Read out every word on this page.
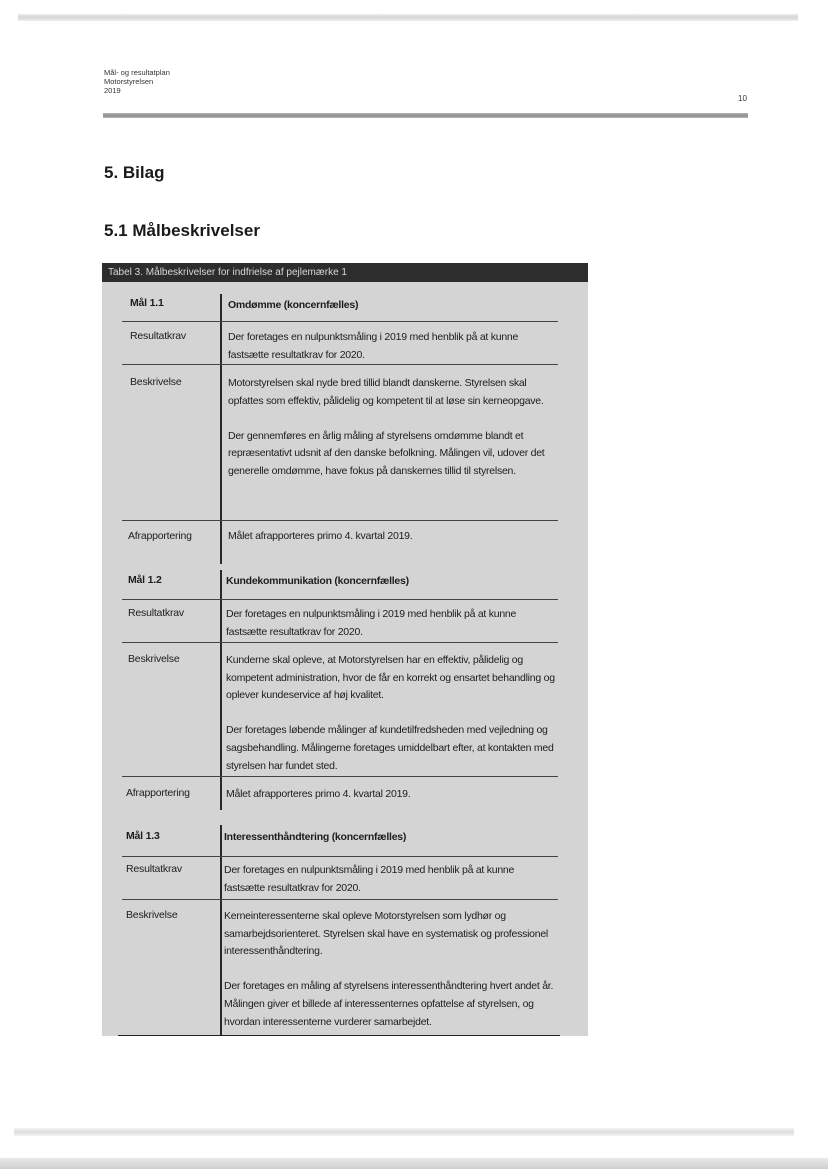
Mål- og resultatplan
Motorstyrelsen
2019
10
5. Bilag
5.1 Målbeskrivelser
Tabel 3. Målbeskrivelser for indfrielse af pejlemærke 1
Mål 1.1	Omdømme (koncernfælles)
Resultatkrav	Der foretages en nulpunktsmåling i 2019 med henblik på at kunne fastsætte resultatkrav for 2020.

Beskrivelse	Motorstyrelsen skal nyde bred tillid blandt danskerne. Styrelsen skal opfattes som effektiv, pålidelig og kompetent til at løse sin kerneopgave.

Der gennemføres en årlig måling af styrelsens omdømme blandt et repræsentativt udsnit af den danske befolkning. Målingen vil, udover det generelle omdømme, have fokus på danskernes tillid til styrelsen.

Afrapportering	Målet afrapporteres primo 4. kvartal 2019.

Mål 1.2	Kundekommunikation (koncernfælles)
Resultatkrav	Der foretages en nulpunktsmåling i 2019 med henblik på at kunne fastsætte resultatkrav for 2020.

Beskrivelse	Kunderne skal opleve, at Motorstyrelsen har en effektiv, pålidelig og kompetent administration, hvor de får en korrekt og ensartet behandling og oplever kundeservice af høj kvalitet.

Der foretages løbende målinger af kundetilfredsheden med vejledning og sagsbehandling. Målingerne foretages umiddelbart efter, at kontakten med styrelsen har fundet sted.

Afrapportering	Målet afrapporteres primo 4. kvartal 2019.

Mål 1.3	Interessenthåndtering (koncernfælles)
Resultatkrav	Der foretages en nulpunktsmåling i 2019 med henblik på at kunne fastsætte resultatkrav for 2020.

Beskrivelse	Kerneinteressenterne skal opleve Motorstyrelsen som lydhør og samarbejdsorienteret. Styrelsen skal have en systematisk og professionel interessenthåndtering.

Der foretages en måling af styrelsens interessenthåndtering hvert andet år. Målingen giver et billede af interessenternes opfattelse af styrelsen, og hvordan interessenterne vurderer samarbejdet.
